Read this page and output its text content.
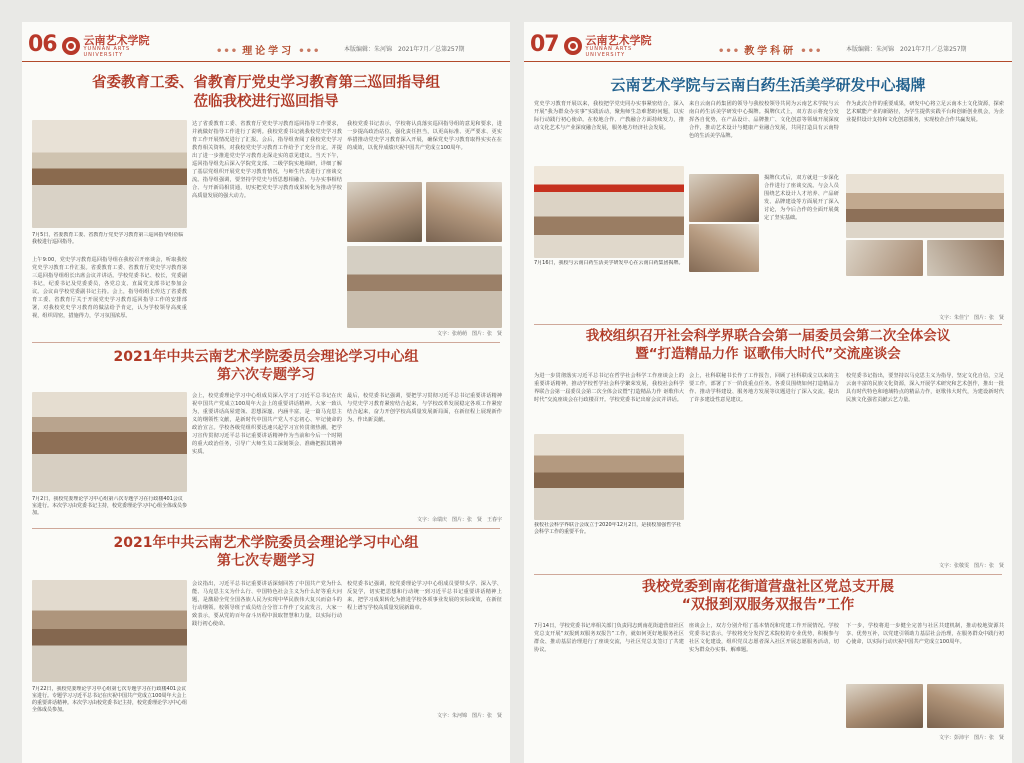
06 云南艺术学院
YUNNAN ARTS UNIVERSITY	••• 理论学习 •••	本版编辑：朱河锦　2021年7月／总第257期
省委教育工委、省教育厅党史学习教育第三巡回指导组
莅临我校进行巡回指导
7月5日，省委教育工委、省教育厅党史学习教育第三巡回指导组莅临我校进行巡回指导。
上午9:00，党史学习教育巡回指导组在我校召开座谈会，听取我校党史学习教育工作汇报。省委教育工委、省教育厅党史学习教育第三巡回指导组组长出席会议并讲话。学校党委书记、校长，党委副书记，纪委书记及党委委员，各党总支、直属党支部书记参加会议。会议由学校党委副书记主持。会上，指导组组长传达了省委教育工委、省教育厅关于开展党史学习教育巡回指导工作的安排部署，对我校党史学习教育的做法给予肯定，认为学校领导高度重视，组织周密，措施得力，学习氛围浓厚。
达了省委教育工委、省教育厅党史学习教育巡回指导工作要求，并就做好指导工作进行了说明。我校党委书记就我校党史学习教育工作开展情况进行了汇报。会后，指导组查阅了我校党史学习教育相关资料，对我校党史学习教育工作给予了充分肯定，并提出了进一步推进党史学习教育走深走实的意见建议。当天下午，巡回指导组先后深入学院党支部、二级学院实地调研，详细了解了基层党组织开展党史学习教育情况，与师生代表进行了座谈交流。指导组强调，要坚持学党史与悟思想相融合、与办实事相结合、与开新局相贯通，切实把党史学习教育成果转化为推动学校高质量发展的强大动力。
我校党委书记表示，学校将认真落实巡回指导组的意见和要求，进一步提高政治站位，强化责任担当，以更高标准、更严要求、更实举措推动党史学习教育深入开展，确保党史学习教育取得实实在在的成效，以优异成绩庆祝中国共产党成立100周年。
文字：张萌萌　图片：张　贤
2021年中共云南艺术学院委员会理论学习中心组
第六次专题学习
7月2日，我校党委理论学习中心组第六次专题学习在行政楼401会议室进行。本次学习由党委书记主持，校党委理论学习中心组全体成员参加。
会上，校党委理论学习中心组成员深入学习了习近平总书记在庆祝中国共产党成立100周年大会上的重要讲话精神。大家一致认为，重要讲话高屋建瓴、思想深邃、内涵丰富，是一篇马克思主义的纲领性文献，是新时代中国共产党人不忘初心、牢记使命的政治宣言。学校各级党组织要迅速兴起学习宣传贯彻热潮，把学习宣传贯彻习近平总书记重要讲话精神作为当前和今后一个时期的重大政治任务，引导广大师生员工深刻领会、准确把握其精神实质。
最后，校党委书记强调，要把学习贯彻习近平总书记重要讲话精神与党史学习教育紧密结合起来，与学校改革发展稳定各项工作紧密结合起来，奋力开创学校高质量发展新局面，在新征程上展现新作为、作出新贡献。
文字：余瑞庆　图片：张　贤　王春宇
2021年中共云南艺术学院委员会理论学习中心组
第七次专题学习
7月22日，我校党委理论学习中心组第七次专题学习在行政楼401会议室进行。专题学习习近平总书记在庆祝中国共产党成立100周年大会上的重要讲话精神。本次学习由校党委书记主持，校党委理论学习中心组全体成员参加。
会议指出，习近平总书记重要讲话深刻回答了中国共产党为什么能、马克思主义为什么行、中国特色社会主义为什么好等重大问题，是激励全党全国各族人民为实现中华民族伟大复兴而奋斗的行动纲领。校领导班子成员结合分管工作作了交流发言，大家一致表示，要从党的百年奋斗历程中汲取智慧和力量，以实际行动践行初心使命。
校党委书记强调，校党委理论学习中心组成员要带头学、深入学、反复学，切实把思想和行动统一到习近平总书记重要讲话精神上来，把学习成果转化为推进学校各项事业发展的实际成效，在新征程上谱写学校高质量发展新篇章。
文字：朱河锦　图片：张　贤
07 云南艺术学院
YUNNAN ARTS UNIVERSITY	••• 教学科研 •••	本版编辑：朱河锦　2021年7月／总第257期
云南艺术学院与云南白药生活美学研发中心揭牌
党史学习教育开展以来，我校把学党史同办实事紧密结合，深入开展“我为群众办实事”实践活动，聚焦师生急难愁盼问题，以实际行动践行初心使命。在校地合作、产教融合方面持续发力，推动文化艺术与产业深度融合发展，服务地方经济社会发展。
来自云南白药集团的领导与我校校领导共同为云南艺术学院与云南白药生活美学研发中心揭牌。揭牌仪式上，双方表示将充分发挥各自优势，在产品设计、品牌推广、文化创意等领域开展深度合作，推动艺术设计与健康产业融合发展，共同打造具有云南特色的生活美学品牌。
作为此次合作的重要成果，研发中心将立足云南本土文化资源，探索艺术赋能产业的新路径，为学生提供实践平台和创新创业机会，为企业提供设计支持和文化创意服务，实现校企合作共赢发展。
7月16日，我校与云南白药生活美学研发中心在云南白药集团揭牌。
揭牌仪式后，双方就进一步深化合作进行了座谈交流。与会人员围绕艺术设计人才培养、产品研发、品牌建设等方面展开了深入讨论，为今后合作的全面开展奠定了坚实基础。
文字：朱佳宁　图片：张　贤
我校组织召开社会科学界联合会第一届委员会第二次全体会议
暨“打造精品力作 讴歌伟大时代”交流座谈会
为进一步贯彻落实习近平总书记在哲学社会科学工作座谈会上的重要讲话精神，推动学校哲学社会科学繁荣发展，我校社会科学界联合会第一届委员会第二次全体会议暨“打造精品力作 讴歌伟大时代”交流座谈会在行政楼召开。学校党委书记出席会议并讲话。
我校社会科学界联合会成立于2020年12月2日，是我校加强哲学社会科学工作的重要平台。
会上，社科联秘书长作了工作报告，回顾了社科联成立以来的主要工作，部署了下一阶段重点任务。各委员围绕如何打造精品力作、推动学科建设、服务地方发展等议题进行了深入交流，提出了许多建设性意见建议。
校党委书记指出，要坚持以马克思主义为指导，坚定文化自信，立足云南丰富的民族文化资源，深入开展学术研究和艺术创作，推出一批具有时代特色和地域特点的精品力作，讴歌伟大时代，为建设新时代民族文化强省贡献云艺力量。
文字：张敬雯　图片：张　贤
我校党委到南花街道营盘社区党总支开展
“双报到双服务双报告”工作
7月14日，学校党委书记率相关部门负责同志到南花街道营盘社区党总支开展“双报到双服务双报告”工作，就如何更好地服务社区群众、推动基层治理进行了座谈交流，与社区党总支签订了共建协议。
座谈会上，双方分别介绍了基本情况和党建工作开展情况。学校党委书记表示，学校将充分发挥艺术院校的专业优势，积极参与社区文化建设，组织党员志愿者深入社区开展志愿服务活动，切实为群众办实事、解难题。
下一步，学校将进一步健全完善与社区共建机制，推动校地资源共享、优势互补，以党建引领助力基层社会治理，在服务群众中践行初心使命，以实际行动庆祝中国共产党成立100周年。
文字：彭沛宇　图片：张　贤
